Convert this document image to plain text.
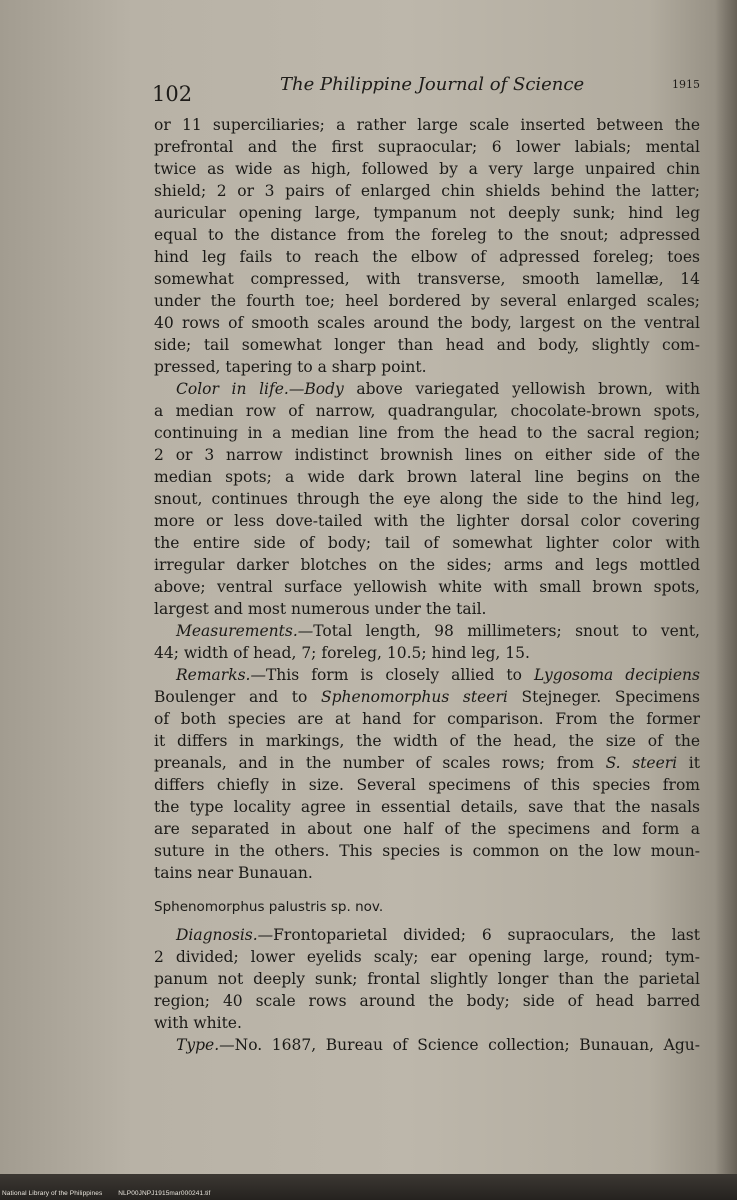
102	The Philippine Journal of Science	1915
or 11 superciliaries; a rather large scale inserted between the
prefrontal and the first supraocular; 6 lower labials; mental
twice as wide as high, followed by a very large unpaired chin
shield; 2 or 3 pairs of enlarged chin shields behind the latter;
auricular opening large, tympanum not deeply sunk; hind leg
equal to the distance from the foreleg to the snout; adpressed
hind leg fails to reach the elbow of adpressed foreleg; toes
somewhat compressed, with transverse, smooth lamellæ, 14
under the fourth toe; heel bordered by several enlarged scales;
40 rows of smooth scales around the body, largest on the ventral
side; tail somewhat longer than head and body, slightly com-
pressed, tapering to a sharp point.
Color in life.—Body above variegated yellowish brown, with
a median row of narrow, quadrangular, chocolate-brown spots,
continuing in a median line from the head to the sacral region;
2 or 3 narrow indistinct brownish lines on either side of the
median spots; a wide dark brown lateral line begins on the
snout, continues through the eye along the side to the hind leg,
more or less dove-tailed with the lighter dorsal color covering
the entire side of body; tail of somewhat lighter color with
irregular darker blotches on the sides; arms and legs mottled
above; ventral surface yellowish white with small brown spots,
largest and most numerous under the tail.
Measurements.—Total length, 98 millimeters; snout to vent,
44; width of head, 7; foreleg, 10.5; hind leg, 15.
Remarks.—This form is closely allied to Lygosoma decipiens
Boulenger and to Sphenomorphus steeri Stejneger. Specimens
of both species are at hand for comparison. From the former
it differs in markings, the width of the head, the size of the
preanals, and in the number of scales rows; from S. steeri it
differs chiefly in size. Several specimens of this species from
the type locality agree in essential details, save that the nasals
are separated in about one half of the specimens and form a
suture in the others. This species is common on the low moun-
tains near Bunauan.
Sphenomorphus palustris sp. nov.
Diagnosis.—Frontoparietal divided; 6 supraoculars, the last
2 divided; lower eyelids scaly; ear opening large, round; tym-
panum not deeply sunk; frontal slightly longer than the parietal
region; 40 scale rows around the body; side of head barred
with white.
Type.—No. 1687, Bureau of Science collection; Bunauan, Agu-
National Library of the Philippines NLP00JNPJ1915mar000241.tif
